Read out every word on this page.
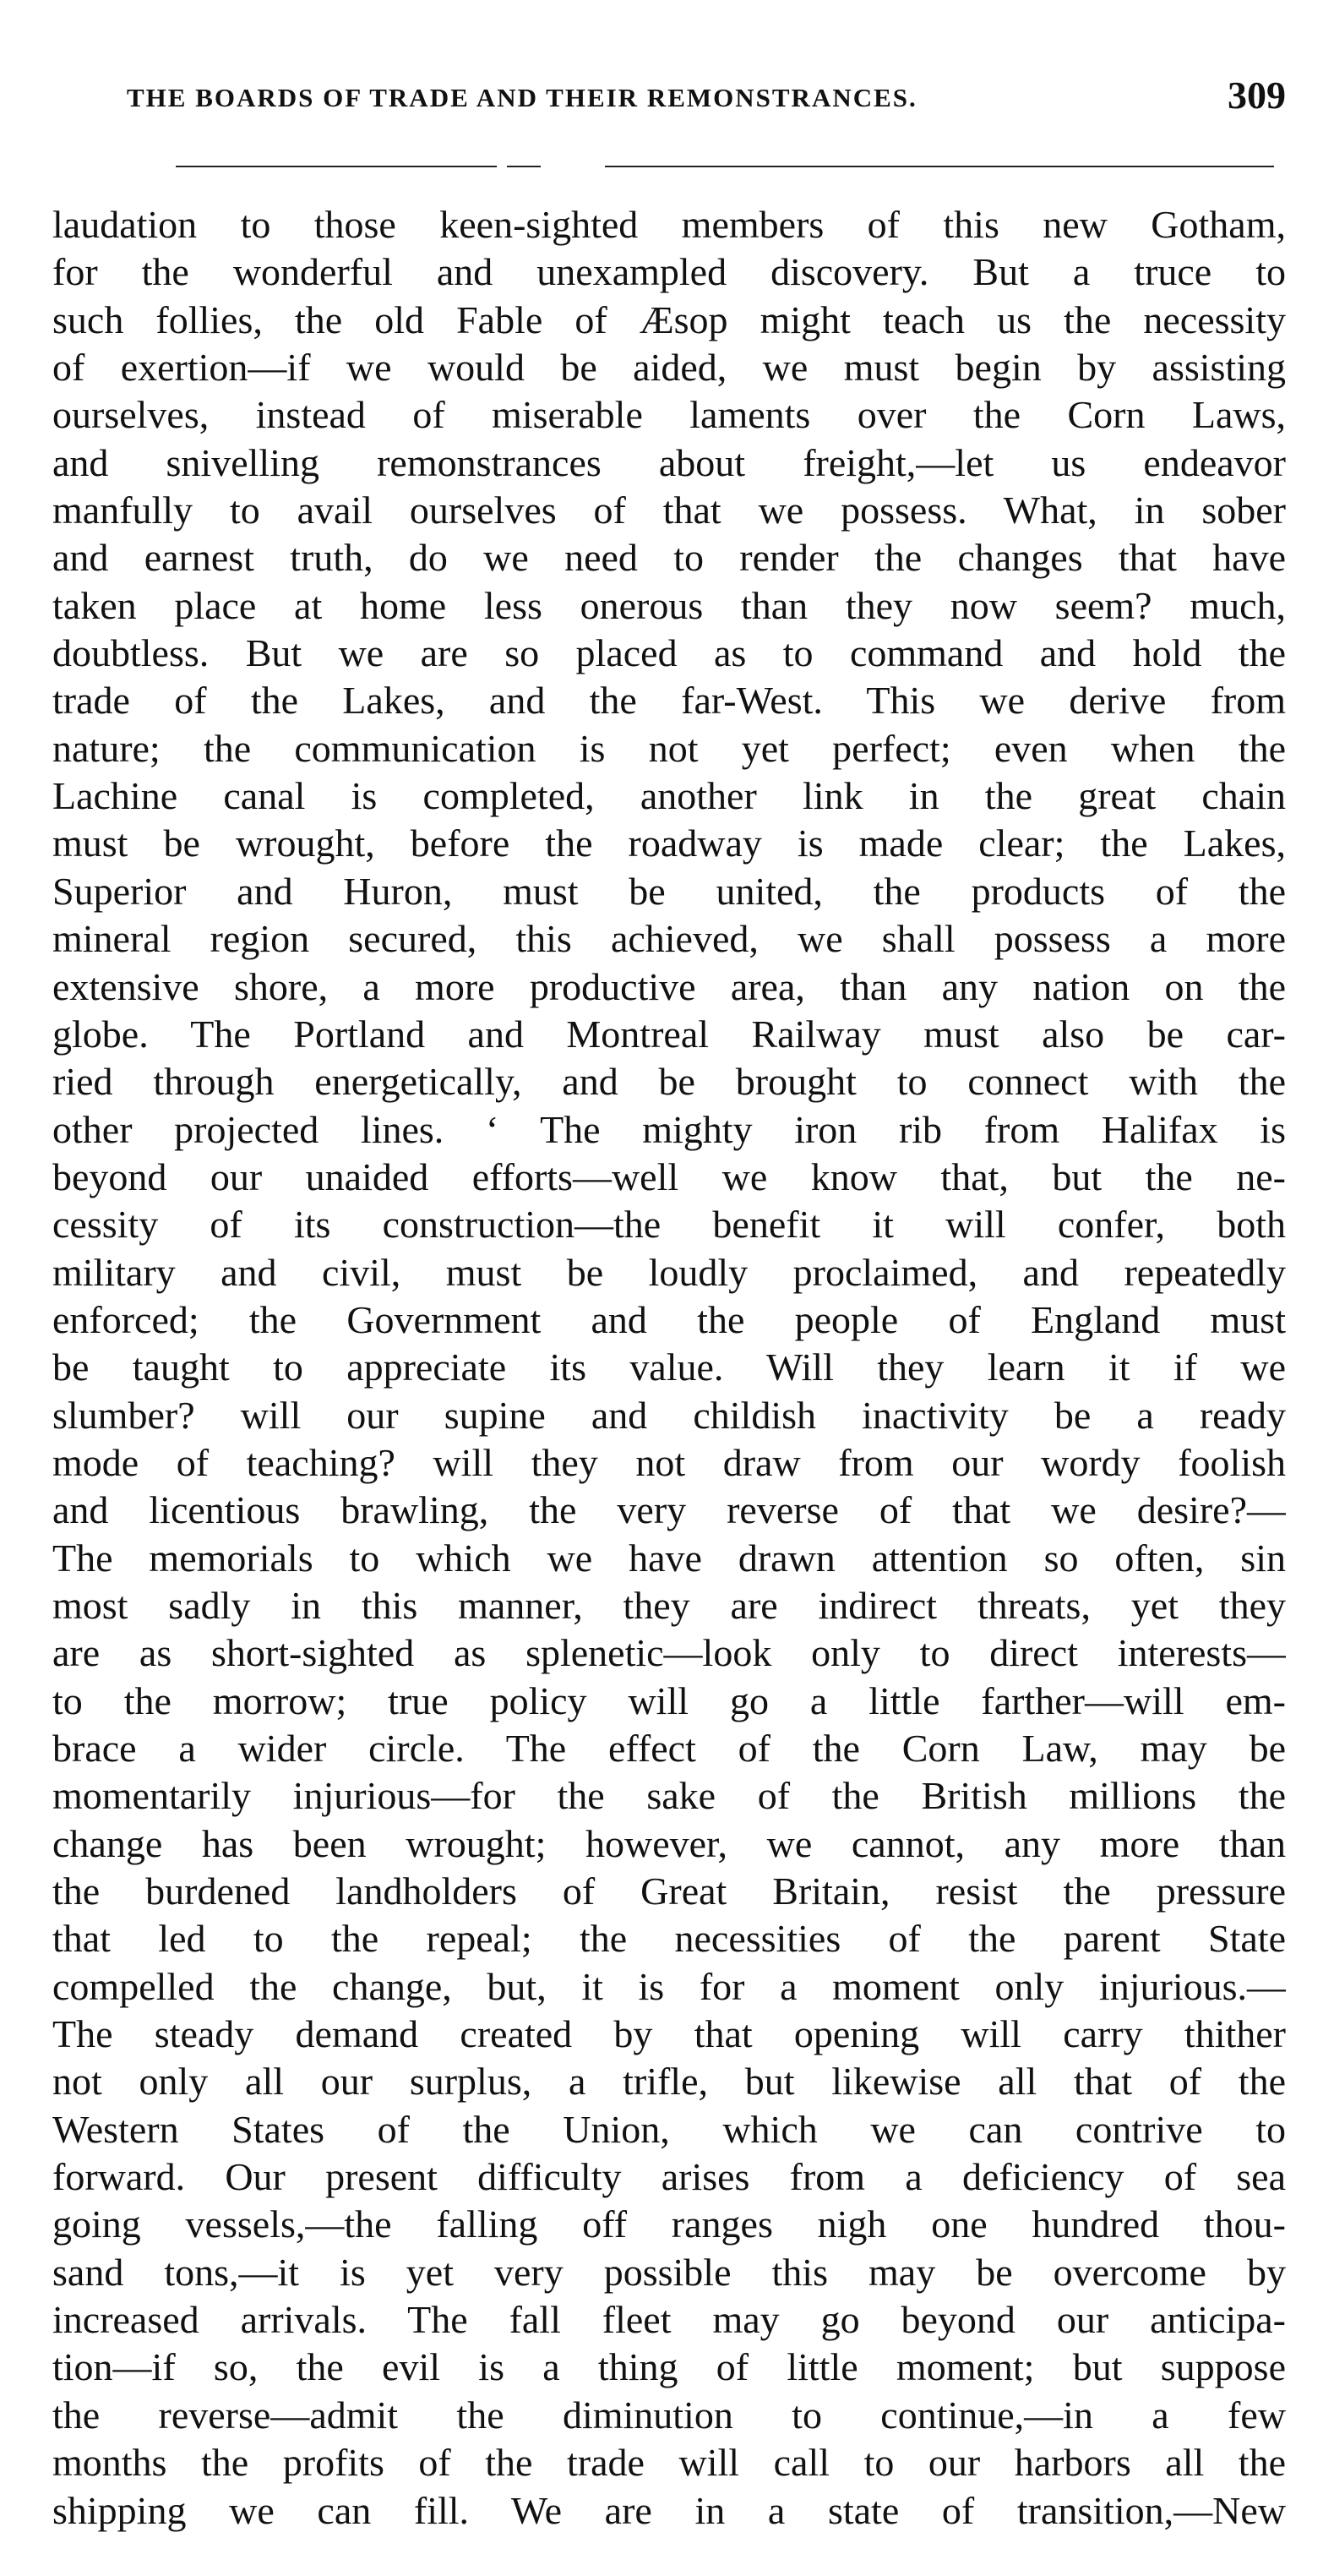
THE BOARDS OF TRADE AND THEIR REMONSTRANCES.	309
laudation to those keen-sighted members of this new Gotham,
for the wonderful and unexampled discovery. But a truce to
such follies, the old Fable of Æsop might teach us the necessity
of exertion—if we would be aided, we must begin by assisting
ourselves, instead of miserable laments over the Corn Laws,
and snivelling remonstrances about freight,—let us endeavor
manfully to avail ourselves of that we possess. What, in sober
and earnest truth, do we need to render the changes that have
taken place at home less onerous than they now seem? much,
doubtless. But we are so placed as to command and hold the
trade of the Lakes, and the far-West. This we derive from
nature; the communication is not yet perfect; even when the
Lachine canal is completed, another link in the great chain
must be wrought, before the roadway is made clear; the Lakes,
Superior and Huron, must be united, the products of the
mineral region secured, this achieved, we shall possess a more
extensive shore, a more productive area, than any nation on the
globe. The Portland and Montreal Railway must also be car-
ried through energetically, and be brought to connect with the
other projected lines. ‘ The mighty iron rib from Halifax is
beyond our unaided efforts—well we know that, but the ne-
cessity of its construction—the benefit it will confer, both
military and civil, must be loudly proclaimed, and repeatedly
enforced; the Government and the people of England must
be taught to appreciate its value. Will they learn it if we
slumber? will our supine and childish inactivity be a ready
mode of teaching? will they not draw from our wordy foolish
and licentious brawling, the very reverse of that we desire?—
The memorials to which we have drawn attention so often, sin
most sadly in this manner, they are indirect threats, yet they
are as short-sighted as splenetic—look only to direct interests—
to the morrow; true policy will go a little farther—will em-
brace a wider circle. The effect of the Corn Law, may be
momentarily injurious—for the sake of the British millions the
change has been wrought; however, we cannot, any more than
the burdened landholders of Great Britain, resist the pressure
that led to the repeal; the necessities of the parent State
compelled the change, but, it is for a moment only injurious.—
The steady demand created by that opening will carry thither
not only all our surplus, a trifle, but likewise all that of the
Western States of the Union, which we can contrive to
forward. Our present difficulty arises from a deficiency of sea
going vessels,—the falling off ranges nigh one hundred thou-
sand tons,—it is yet very possible this may be overcome by
increased arrivals. The fall fleet may go beyond our anticipa-
tion—if so, the evil is a thing of little moment; but suppose
the reverse—admit the diminution to continue,—in a few
months the profits of the trade will call to our harbors all the
shipping we can fill. We are in a state of transition,—New
